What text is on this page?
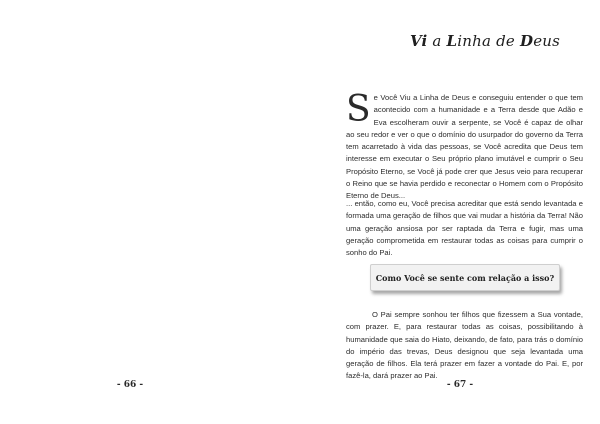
- 66 -
Vi a Linha de Deus
Se Você Viu a Linha de Deus e conseguiu entender o que tem acontecido com a humanidade e a Terra desde que Adão e Eva escolheram ouvir a serpente, se Você é capaz de olhar ao seu redor e ver o que o domínio do usurpador do governo da Terra tem acarretado à vida das pessoas, se Você acredita que Deus tem interesse em executar o Seu próprio plano imutável e cumprir o Seu Propósito Eterno, se Você já pode crer que Jesus veio para recuperar o Reino que se havia perdido e reconectar o Homem com o Propósito Eterno de Deus...
... então, como eu, Você precisa acreditar que está sendo levantada e formada uma geração de filhos que vai mudar a história da Terra! Não uma geração ansiosa por ser raptada da Terra e fugir, mas uma geração comprometida em restaurar todas as coisas para cumprir o sonho do Pai.
Como Você se sente com relação a isso?
O Pai sempre sonhou ter filhos que fizessem a Sua vontade, com prazer. E, para restaurar todas as coisas, possibilitando à humanidade que saia do Hiato, deixando, de fato, para trás o domínio do império das trevas, Deus designou que seja levantada uma geração de filhos. Ela terá prazer em fazer a vontade do Pai. E, por fazê-la, dará prazer ao Pai.
- 67 -
